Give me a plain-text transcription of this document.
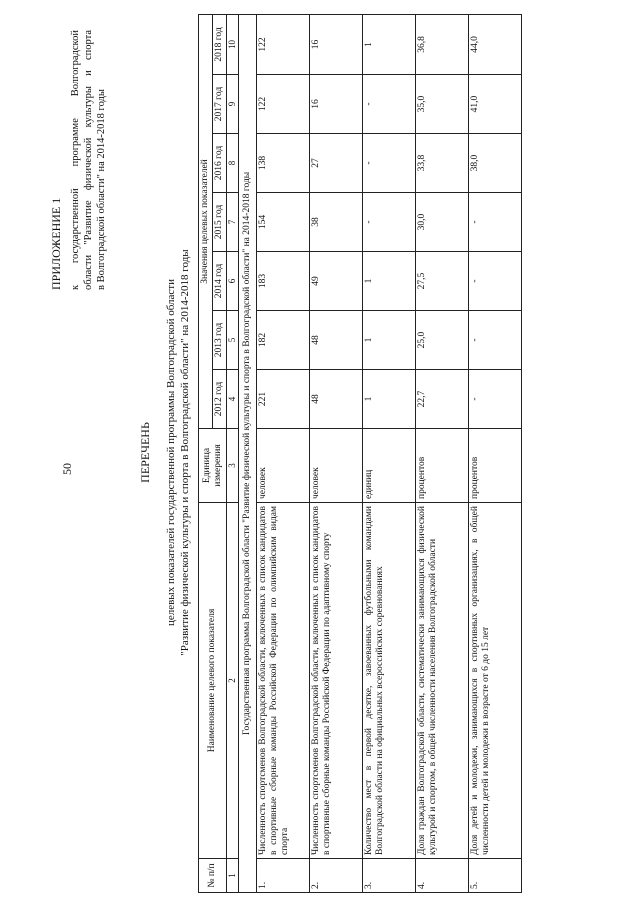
50
ПРИЛОЖЕНИЕ 1 к государственной программе Волгоградской области "Развитие физической культуры и спорта в Волгоградской области" на 2014-2018 годы
ПЕРЕЧЕНЬ целевых показателей государственной программы Волгоградской области "Развитие физической культуры и спорта в Волгоградской области" на 2014-2018 годы
№ п/п	Наименование целевого показателя	Единица измерения	Значения целевых показателей						
			2012 год	2013 год	2014 год	2015 год	2016 год	2017 год	2018 год
1	2	3	4	5	6	7	8	9	10
Государственная программа Волгоградской области "Развитие физической культуры и спорта в Волгоградской области" на 2014-2018 годы									
1.	Численность спортсменов Волгоградской области, включенных в список кандидатов в спортивные сборные команды Российской Федерации по олимпийским видам спорта	человек	221	182	183	154	138	122	122
2.	Численность спортсменов Волгоградской области, включенных в список кандидатов в спортивные сборные команды Российской Федерации по адаптивному спорту	человек	48	48	49	38	27	16	16
3.	Количество мест в первой десятке, завоеванных футбольными командами Волгоградской области на официальных всероссийских соревнованиях	единиц	1	1	1	-	-	-	1
4.	Доля граждан Волгоградской области, систематически занимающихся физической культурой и спортом, в общей численности населения Волгоградской области	процентов	22,7	25,0	27,5	30,0	33,8	35,0	36,8
5.	Доля детей и молодежи, занимающихся в спортивных организациях, в общей численности детей и молодежи в возрасте от 6 до 15 лет	процентов	-	-	-	-	38,0	41,0	44,0
